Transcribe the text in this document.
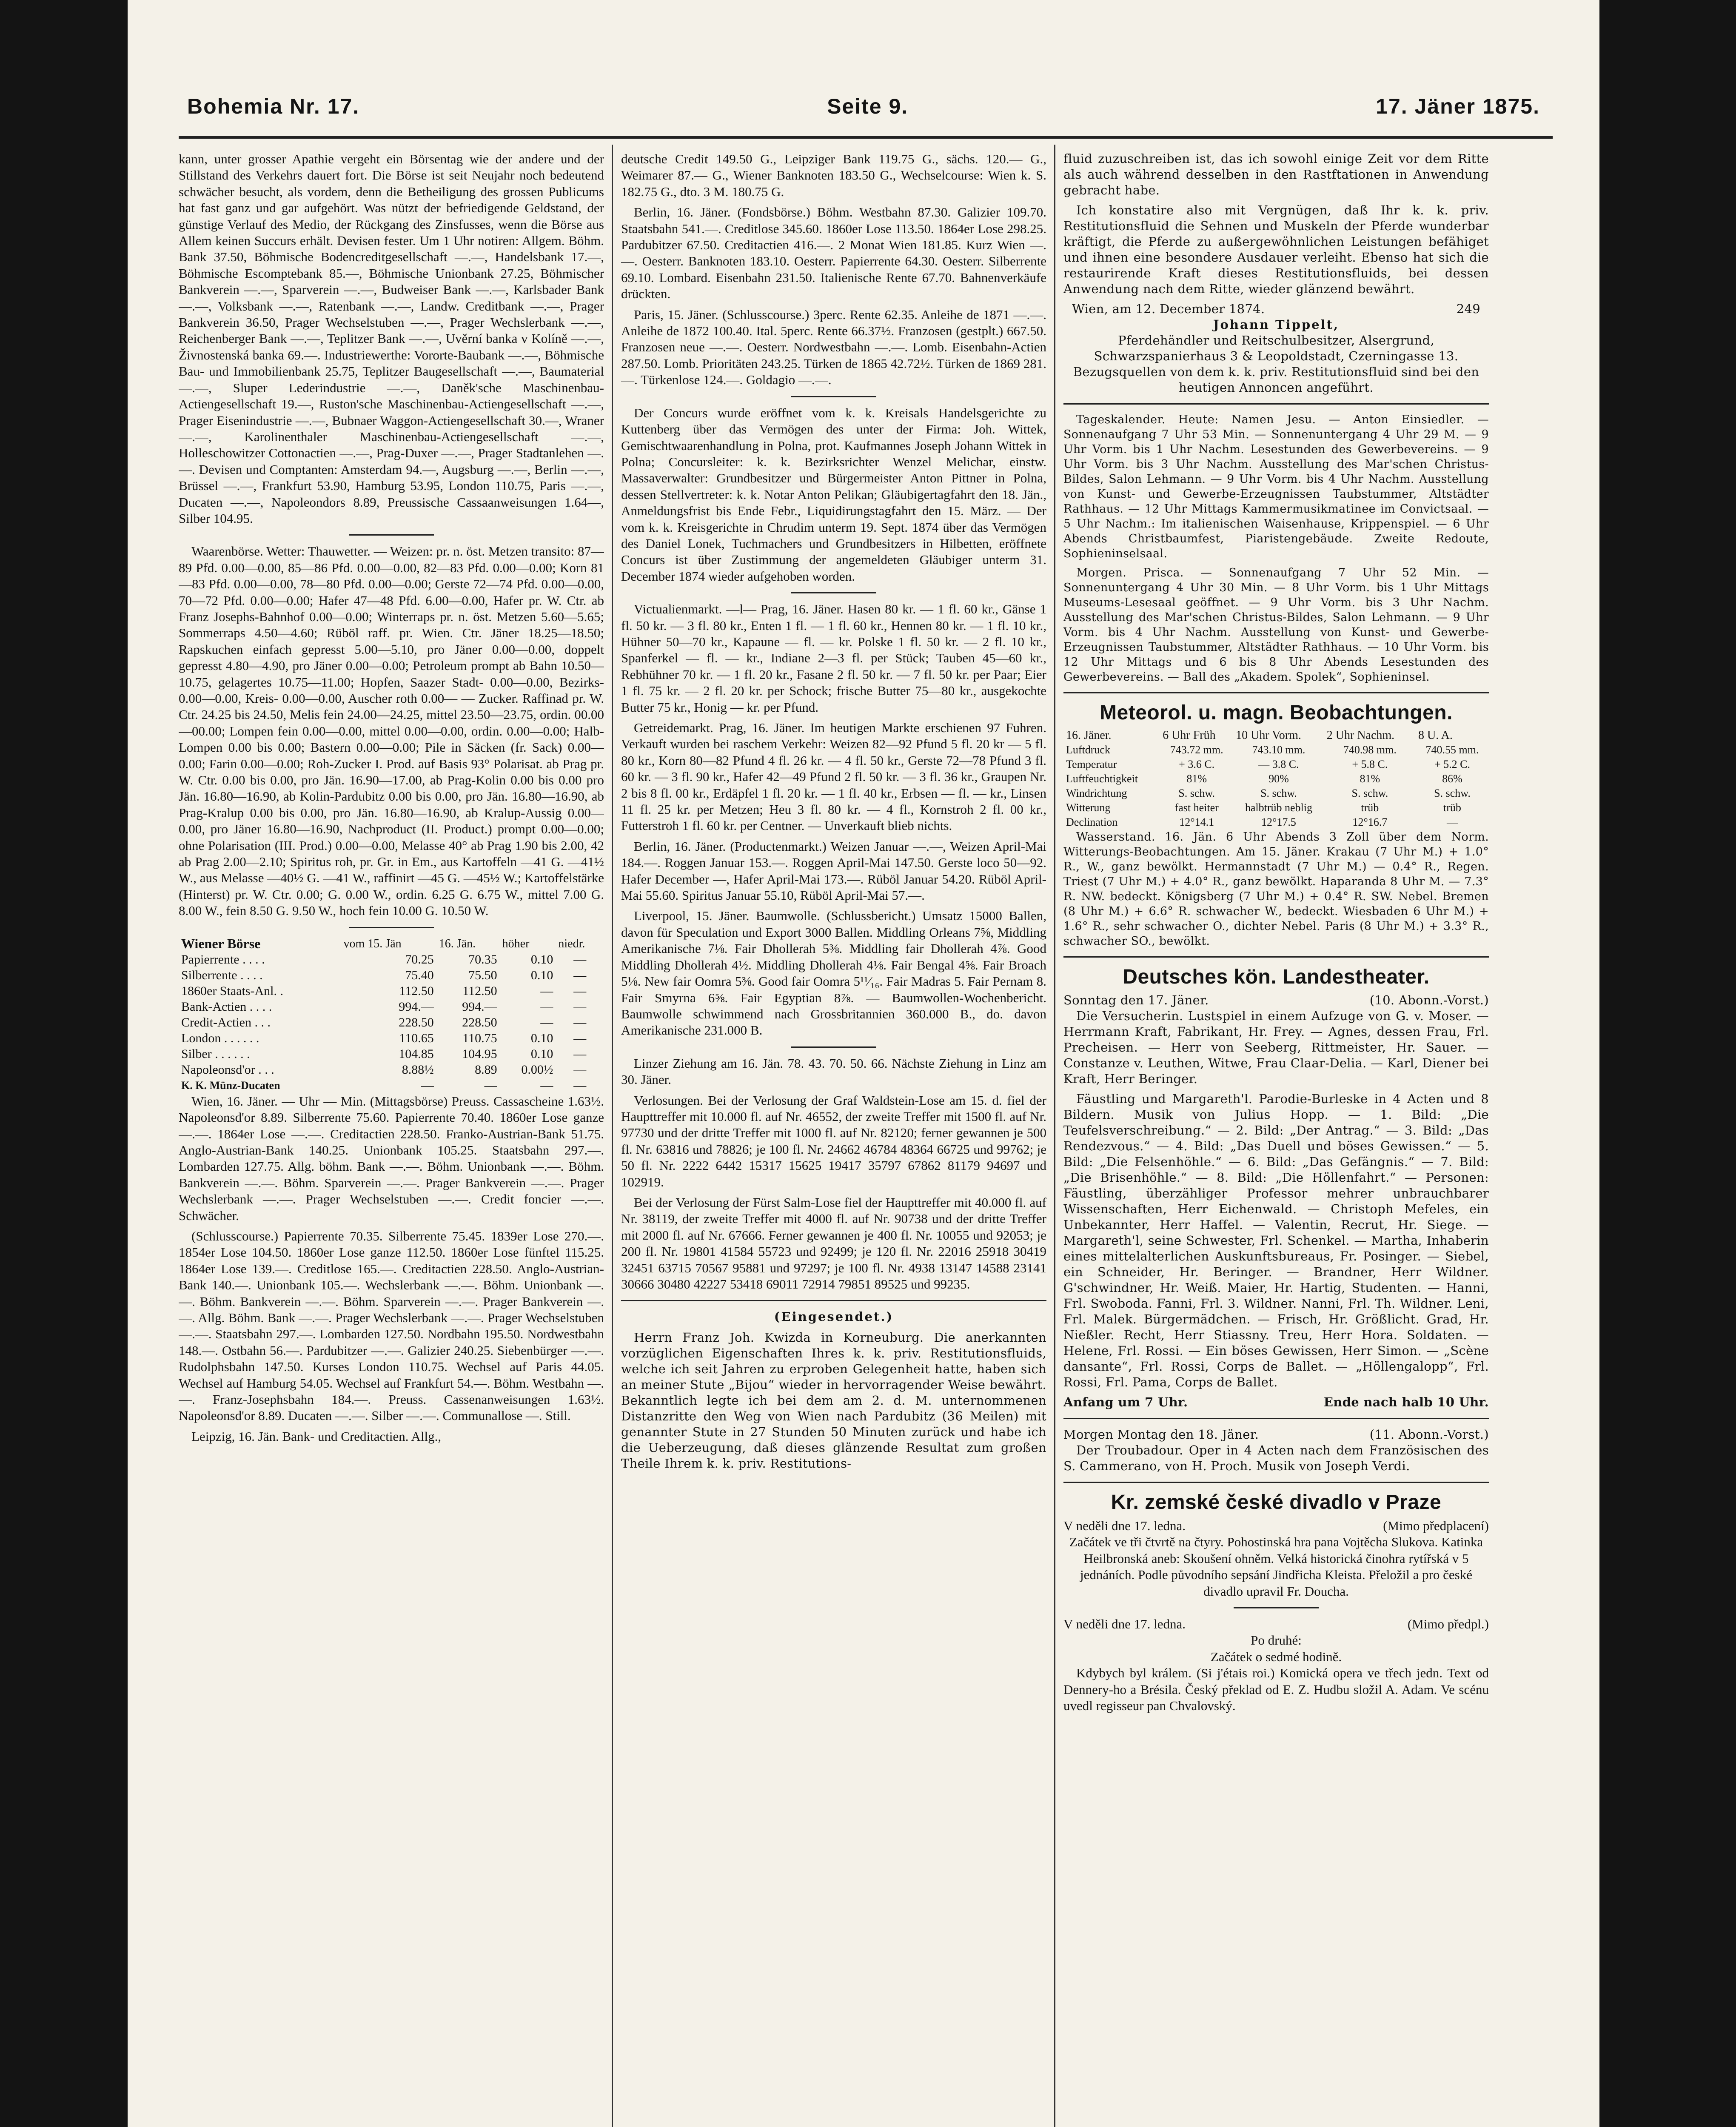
Bohemia Nr. 17.	Seite 9.	17. Jäner 1875.

kann, unter grosser Apathie vergeht ein Börsentag wie der andere und der Stillstand des Verkehrs dauert fort. Die Börse ist seit Neujahr noch bedeutend schwächer besucht, als vordem, denn die Betheiligung des grossen Publicums hat fast ganz und gar aufgehört. Was nützt der befriedigende Geldstand, der günstige Verlauf des Medio, der Rückgang des Zinsfusses, wenn die Börse aus Allem keinen Succurs erhält. Devisen fester. Um 1 Uhr notiren: Allgem. Böhm. Bank 37.50, Böhmische Bodencreditgesellschaft —.—, Handelsbank 17.—, Böhmische Escomptebank 85.—, Böhmische Unionbank 27.25, Böhmischer Bankverein —.—, Sparverein —.—, Budweiser Bank —.—, Karlsbader Bank —.—, Volksbank —.—, Ratenbank —.—, Landw. Creditbank —.—, Prager Bankverein 36.50, Prager Wechselstuben —.—, Prager Wechslerbank —.—, Reichenberger Bank —.—, Teplitzer Bank —.—, Uvěrní banka v Kolíně —.—, Živnostenská banka 69.—. Industriewerthe: Vororte-Baubank —.—, Böhmische Bau- und Immobilienbank 25.75, Teplitzer Baugesellschaft —.—, Baumaterial —.—, Sluper Lederindustrie —.—, Daněk'sche Maschinenbau-Actiengesellschaft 19.—, Ruston'sche Maschinenbau-Actiengesellschaft —.—, Prager Eisenindustrie —.—, Bubnaer Waggon-Actiengesellschaft 30.—, Wraner —.—, Karolinenthaler Maschinenbau-Actiengesellschaft —.—, Holleschowitzer Cottonactien —.—, Prag-Duxer —.—, Prager Stadtanlehen —.—. Devisen und Comptanten: Amsterdam 94.—, Augsburg —.—, Berlin —.—, Brüssel —.—, Frankfurt 53.90, Hamburg 53.95, London 110.75, Paris —.—, Ducaten —.—, Napoleondors 8.89, Preussische Cassaanweisungen 1.64—, Silber 104.95.

Waarenbörse. Wetter: Thauwetter. — Weizen: pr. n. öst. Metzen transito: 87—89 Pfd. 0.00—0.00, 85—86 Pfd. 0.00—0.00, 82—83 Pfd. 0.00—0.00; Korn 81—83 Pfd. 0.00—0.00, 78—80 Pfd. 0.00—0.00; Gerste 72—74 Pfd. 0.00—0.00, 70—72 Pfd. 0.00—0.00; Hafer 47—48 Pfd. 6.00—0.00, Hafer pr. W. Ctr. ab Franz Josephs-Bahnhof 0.00—0.00; Winterraps pr. n. öst. Metzen 5.60—5.65; Sommerraps 4.50—4.60; Rüböl raff. pr. Wien. Ctr. Jäner 18.25—18.50; Rapskuchen einfach gepresst 5.00—5.10, pro Jäner 0.00—0.00, doppelt gepresst 4.80—4.90, pro Jäner 0.00—0.00; Petroleum prompt ab Bahn 10.50—10.75, gelagertes 10.75—11.00; Hopfen, Saazer Stadt- 0.00—0.00, Bezirks- 0.00—0.00, Kreis- 0.00—0.00, Auscher roth 0.00— — Zucker. Raffinad pr. W. Ctr. 24.25 bis 24.50, Melis fein 24.00—24.25, mittel 23.50—23.75, ordin. 00.00—00.00; Lompen fein 0.00—0.00, mittel 0.00—0.00, ordin. 0.00—0.00; Halb-Lompen 0.00 bis 0.00; Bastern 0.00—0.00; Pile in Säcken (fr. Sack) 0.00—0.00; Farin 0.00—0.00; Roh-Zucker I. Prod. auf Basis 93° Polarisat. ab Prag pr. W. Ctr. 0.00 bis 0.00, pro Jän. 16.90—17.00, ab Prag-Kolin 0.00 bis 0.00 pro Jän. 16.80—16.90, ab Kolin-Pardubitz 0.00 bis 0.00, pro Jän. 16.80—16.90, ab Prag-Kralup 0.00 bis 0.00, pro Jän. 16.80—16.90, ab Kralup-Aussig 0.00—0.00, pro Jäner 16.80—16.90, Nachproduct (II. Product.) prompt 0.00—0.00; ohne Polarisation (III. Prod.) 0.00—0.00, Melasse 40° ab Prag 1.90 bis 2.00, 42 ab Prag 2.00—2.10; Spiritus roh, pr. Gr. in Em., aus Kartoffeln —41 G. —41½ W., aus Melasse —40½ G. —41 W., raffinirt —45 G. —45½ W.; Kartoffelstärke (Hinterst) pr. W. Ctr. 0.00; G. 0.00 W., ordin. 6.25 G. 6.75 W., mittel 7.00 G. 8.00 W., fein 8.50 G. 9.50 W., hoch fein 10.00 G. 10.50 W.

Wiener Börse	vom 15. Jän	16. Jän.	höher	niedr.
Papierrente . . . .	70.25	70.35	0.10	—
Silberrente . . . .	75.40	75.50	0.10	—
1860er Staats-Anl. .	112.50	112.50	—	—
Bank-Actien . . . .	994.—	994.—	—	—
Credit-Actien . . .	228.50	228.50	—	—
London . . . . . .	110.65	110.75	0.10	—
Silber . . . . . .	104.85	104.95	0.10	—
Napoleonsd'or . . .	8.88½	8.89	0.00½	—
K. K. Münz-Ducaten	—	—	—	—

Wien, 16. Jäner. — Uhr — Min. (Mittagsbörse) Preuss. Cassascheine 1.63½. Napoleonsd'or 8.89. Silberrente 75.60. Papierrente 70.40. 1860er Lose ganze —.—. 1864er Lose —.—. Creditactien 228.50. Franko-Austrian-Bank 51.75. Anglo-Austrian-Bank 140.25. Unionbank 105.25. Staatsbahn 297.—. Lombarden 127.75. Allg. böhm. Bank —.—. Böhm. Unionbank —.—. Böhm. Bankverein —.—. Böhm. Sparverein —.—. Prager Bankverein —.—. Prager Wechslerbank —.—. Prager Wechselstuben —.—. Credit foncier —.—. Schwächer.

(Schlusscourse.) Papierrente 70.35. Silberrente 75.45. 1839er Lose 270.—. 1854er Lose 104.50. 1860er Lose ganze 112.50. 1860er Lose fünftel 115.25. 1864er Lose 139.—. Creditlose 165.—. Creditactien 228.50. Anglo-Austrian-Bank 140.—. Unionbank 105.—. Wechslerbank —.—. Böhm. Unionbank —.—. Böhm. Bankverein —.—. Böhm. Sparverein —.—. Prager Bankverein —.—. Allg. Böhm. Bank —.—. Prager Wechslerbank —.—. Prager Wechselstuben —.—. Staatsbahn 297.—. Lombarden 127.50. Nordbahn 195.50. Nordwestbahn 148.—. Ostbahn 56.—. Pardubitzer —.—. Galizier 240.25. Siebenbürger —.—. Rudolphsbahn 147.50. Kurses London 110.75. Wechsel auf Paris 44.05. Wechsel auf Hamburg 54.05. Wechsel auf Frankfurt 54.—. Böhm. Westbahn —.—. Franz-Josephsbahn 184.—. Preuss. Cassenanweisungen 1.63½. Napoleonsd'or 8.89. Ducaten —.—. Silber —.—. Communallose —. Still.

Leipzig, 16. Jän. Bank- und Creditactien. Allg.,

deutsche Credit 149.50 G., Leipziger Bank 119.75 G., sächs. 120.— G., Weimarer 87.— G., Wiener Banknoten 183.50 G., Wechselcourse: Wien k. S. 182.75 G., dto. 3 M. 180.75 G.

Berlin, 16. Jäner. (Fondsbörse.) Böhm. Westbahn 87.30. Galizier 109.70. Staatsbahn 541.—. Creditlose 345.60. 1860er Lose 113.50. 1864er Lose 298.25. Pardubitzer 67.50. Creditactien 416.—. 2 Monat Wien 181.85. Kurz Wien —.—. Oesterr. Banknoten 183.10. Oesterr. Papierrente 64.30. Oesterr. Silberrente 69.10. Lombard. Eisenbahn 231.50. Italienische Rente 67.70. Bahnenverkäufe drückten.

Paris, 15. Jäner. (Schlusscourse.) 3perc. Rente 62.35. Anleihe de 1871 —.—. Anleihe de 1872 100.40. Ital. 5perc. Rente 66.37½. Franzosen (gestplt.) 667.50. Franzosen neue —.—. Oesterr. Nordwestbahn —.—. Lomb. Eisenbahn-Actien 287.50. Lomb. Prioritäten 243.25. Türken de 1865 42.72½. Türken de 1869 281.—. Türkenlose 124.—. Goldagio —.—.

Der Concurs wurde eröffnet vom k. k. Kreisals Handelsgerichte zu Kuttenberg über das Vermögen des unter der Firma: Joh. Wittek, Gemischtwaarenhandlung in Polna, prot. Kaufmannes Joseph Johann Wittek in Polna; Concursleiter: k. k. Bezirksrichter Wenzel Melichar, einstw. Massaverwalter: Grundbesitzer und Bürgermeister Anton Pittner in Polna, dessen Stellvertreter: k. k. Notar Anton Pelikan; Gläubigertagfahrt den 18. Jän., Anmeldungsfrist bis Ende Febr., Liquidirungstagfahrt den 15. März. — Der vom k. k. Kreisgerichte in Chrudim unterm 19. Sept. 1874 über das Vermögen des Daniel Lonek, Tuchmachers und Grundbesitzers in Hilbetten, eröffnete Concurs ist über Zustimmung der angemeldeten Gläubiger unterm 31. December 1874 wieder aufgehoben worden.

Victualienmarkt. —l— Prag, 16. Jäner. Hasen 80 kr. — 1 fl. 60 kr., Gänse 1 fl. 50 kr. — 3 fl. 80 kr., Enten 1 fl. — 1 fl. 60 kr., Hennen 80 kr. — 1 fl. 10 kr., Hühner 50—70 kr., Kapaune — fl. — kr. Polske 1 fl. 50 kr. — 2 fl. 10 kr., Spanferkel — fl. — kr., Indiane 2—3 fl. per Stück; Tauben 45—60 kr., Rebhühner 70 kr. — 1 fl. 20 kr., Fasane 2 fl. 50 kr. — 7 fl. 50 kr. per Paar; Eier 1 fl. 75 kr. — 2 fl. 20 kr. per Schock; frische Butter 75—80 kr., ausgekochte Butter 75 kr., Honig — kr. per Pfund.

Getreidemarkt. Prag, 16. Jäner. Im heutigen Markte erschienen 97 Fuhren. Verkauft wurden bei raschem Verkehr: Weizen 82—92 Pfund 5 fl. 20 kr — 5 fl. 80 kr., Korn 80—82 Pfund 4 fl. 26 kr. — 4 fl. 50 kr., Gerste 72—78 Pfund 3 fl. 60 kr. — 3 fl. 90 kr., Hafer 42—49 Pfund 2 fl. 50 kr. — 3 fl. 36 kr., Graupen Nr. 2 bis 8 fl. 00 kr., Erdäpfel 1 fl. 20 kr. — 1 fl. 40 kr., Erbsen — fl. — kr., Linsen 11 fl. 25 kr. per Metzen; Heu 3 fl. 80 kr. — 4 fl., Kornstroh 2 fl. 00 kr., Futterstroh 1 fl. 60 kr. per Centner. — Unverkauft blieb nichts.

Berlin, 16. Jäner. (Productenmarkt.) Weizen Januar —.—, Weizen April-Mai 184.—. Roggen Januar 153.—. Roggen April-Mai 147.50. Gerste loco 50—92. Hafer December —, Hafer April-Mai 173.—. Rüböl Januar 54.20. Rüböl April-Mai 55.60. Spiritus Januar 55.10, Rüböl April-Mai 57.—.

Liverpool, 15. Jäner. Baumwolle. (Schlussbericht.) Umsatz 15000 Ballen, davon für Speculation und Export 3000 Ballen. Middling Orleans 7⅝, Middling Amerikanische 7⅛. Fair Dhollerah 5⅜. Middling fair Dhollerah 4⅞. Good Middling Dhollerah 4½. Middling Dhollerah 4⅛. Fair Bengal 4⅝. Fair Broach 5⅛. New fair Oomra 5⅜. Good fair Oomra 5¹¹⁄₁₆. Fair Madras 5. Fair Pernam 8. Fair Smyrna 6⅝. Fair Egyptian 8⅞. — Baumwollen-Wochenbericht. Baumwolle schwimmend nach Grossbritannien 360.000 B., do. davon Amerikanische 231.000 B.

Linzer Ziehung am 16. Jän. 78. 43. 70. 50. 66. Nächste Ziehung in Linz am 30. Jäner.

Verlosungen. Bei der Verlosung der Graf Waldstein-Lose am 15. d. fiel der Haupttreffer mit 10.000 fl. auf Nr. 46552, der zweite Treffer mit 1500 fl. auf Nr. 97730 und der dritte Treffer mit 1000 fl. auf Nr. 82120; ferner gewannen je 500 fl. Nr. 63816 und 78826; je 100 fl. Nr. 24662 46784 48364 66725 und 99762; je 50 fl. Nr. 2222 6442 15317 15625 19417 35797 67862 81179 94697 und 102919.

Bei der Verlosung der Fürst Salm-Lose fiel der Haupttreffer mit 40.000 fl. auf Nr. 38119, der zweite Treffer mit 4000 fl. auf Nr. 90738 und der dritte Treffer mit 2000 fl. auf Nr. 67666. Ferner gewannen je 400 fl. Nr. 10055 und 92053; je 200 fl. Nr. 19801 41584 55723 und 92499; je 120 fl. Nr. 22016 25918 30419 32451 63715 70567 95881 und 97297; je 100 fl. Nr. 4938 13147 14588 23141 30666 30480 42227 53418 69011 72914 79851 89525 und 99235.

(Eingesendet.)

Herrn Franz Joh. Kwizda in Korneuburg. Die anerkannten vorzüglichen Eigenschaften Ihres k. k. priv. Restitutionsfluids, welche ich seit Jahren zu erproben Gelegenheit hatte, haben sich an meiner Stute „Bijou“ wieder in hervorragender Weise bewährt. Bekanntlich legte ich bei dem am 2. d. M. unternommenen Distanzritte den Weg von Wien nach Pardubitz (36 Meilen) mit genannter Stute in 27 Stunden 50 Minuten zurück und habe ich die Ueberzeugung, daß dieses glänzende Resultat zum großen Theile Ihrem k. k. priv. Restitutions-

fluid zuzuschreiben ist, das ich sowohl einige Zeit vor dem Ritte als auch während desselben in den Rastftationen in Anwendung gebracht habe.

Ich konstatire also mit Vergnügen, daß Ihr k. k. priv. Restitutionsfluid die Sehnen und Muskeln der Pferde wunderbar kräftigt, die Pferde zu außergewöhnlichen Leistungen befähiget und ihnen eine besondere Ausdauer verleiht. Ebenso hat sich die restaurirende Kraft dieses Restitutionsfluids, bei dessen Anwendung nach dem Ritte, wieder glänzend bewährt.

Wien, am 12. December 1874.	249
Johann Tippelt,
Pferdehändler und Reitschulbesitzer, Alsergrund, Schwarzspanierhaus 3 & Leopoldstadt, Czerningasse 13.

Bezugsquellen von dem k. k. priv. Restitutionsfluid sind bei den heutigen Annoncen angeführt.

Tageskalender. Heute: Namen Jesu. — Anton Einsiedler. — Sonnenaufgang 7 Uhr 53 Min. — Sonnenuntergang 4 Uhr 29 M. — 9 Uhr Vorm. bis 1 Uhr Nachm. Lesestunden des Gewerbevereins. — 9 Uhr Vorm. bis 3 Uhr Nachm. Ausstellung des Mar'schen Christus-Bildes, Salon Lehmann. — 9 Uhr Vorm. bis 4 Uhr Nachm. Ausstellung von Kunst- und Gewerbe-Erzeugnissen Taubstummer, Altstädter Rathhaus. — 12 Uhr Mittags Kammermusikmatinee im Convictsaal. — 5 Uhr Nachm.: Im italienischen Waisenhause, Krippenspiel. — 6 Uhr Abends Christbaumfest, Piaristengebäude. Zweite Redoute, Sophieninselsaal.

Morgen. Prisca. — Sonnenaufgang 7 Uhr 52 Min. — Sonnenuntergang 4 Uhr 30 Min. — 8 Uhr Vorm. bis 1 Uhr Mittags Museums-Lesesaal geöffnet. — 9 Uhr Vorm. bis 3 Uhr Nachm. Ausstellung des Mar'schen Christus-Bildes, Salon Lehmann. — 9 Uhr Vorm. bis 4 Uhr Nachm. Ausstellung von Kunst- und Gewerbe-Erzeugnissen Taubstummer, Altstädter Rathhaus. — 10 Uhr Vorm. bis 12 Uhr Mittags und 6 bis 8 Uhr Abends Lesestunden des Gewerbevereins. — Ball des „Akadem. Spolek“, Sophieninsel.

Meteorol. u. magn. Beobachtungen.
16. Jäner.	6 Uhr Früh	10 Uhr Vorm.	2 Uhr Nachm.	8 U. A.
Luftdruck	743.72 mm.	743.10 mm.	740.98 mm.	740.55 mm.
Temperatur	+ 3.6 C.	— 3.8 C.	+ 5.8 C.	+ 5.2 C.
Luftfeuchtigkeit	81%	90%	81%	86%
Windrichtung	S. schw.	S. schw.	S. schw.	S. schw.
Witterung	fast heiter	halbtrüb neblig	trüb	trüb
Declination	12°14.1	12°17.5	12°16.7	—

Wasserstand. 16. Jän. 6 Uhr Abends 3 Zoll über dem Norm. Witterungs-Beobachtungen. Am 15. Jäner. Krakau (7 Uhr M.) + 1.0° R., W., ganz bewölkt. Hermannstadt (7 Uhr M.) — 0.4° R., Regen. Triest (7 Uhr M.) + 4.0° R., ganz bewölkt. Haparanda 8 Uhr M. — 7.3° R. NW. bedeckt. Königsberg (7 Uhr M.) + 0.4° R. SW. Nebel. Bremen (8 Uhr M.) + 6.6° R. schwacher W., bedeckt. Wiesbaden 6 Uhr M.) + 1.6° R., sehr schwacher O., dichter Nebel. Paris (8 Uhr M.) + 3.3° R., schwacher SO., bewölkt.

Deutsches kön. Landestheater.
Sonntag den 17. Jäner.	(10. Abonn.-Vorst.)

Die Versucherin. Lustspiel in einem Aufzuge von G. v. Moser. — Herrmann Kraft, Fabrikant, Hr. Frey. — Agnes, dessen Frau, Frl. Precheisen. — Herr von Seeberg, Rittmeister, Hr. Sauer. — Constanze v. Leuthen, Witwe, Frau Claar-Delia. — Karl, Diener bei Kraft, Herr Beringer.

Fäustling und Margareth'l. Parodie-Burleske in 4 Acten und 8 Bildern. Musik von Julius Hopp. — 1. Bild: „Die Teufelsverschreibung.“ — 2. Bild: „Der Antrag.“ — 3. Bild: „Das Rendezvous.“ — 4. Bild: „Das Duell und böses Gewissen.“ — 5. Bild: „Die Felsenhöhle.“ — 6. Bild: „Das Gefängnis.“ — 7. Bild: „Die Brisenhöhle.“ — 8. Bild: „Die Höllenfahrt.“ — Personen: Fäustling, überzähliger Professor mehrer unbrauchbarer Wissenschaften, Herr Eichenwald. — Christoph Mefeles, ein Unbekannter, Herr Haffel. — Valentin, Recrut, Hr. Siege. — Margareth'l, seine Schwester, Frl. Schenkel. — Martha, Inhaberin eines mittelalterlichen Auskunftsbureaus, Fr. Posinger. — Siebel, ein Schneider, Hr. Beringer. — Brandner, Herr Wildner. G'schwindner, Hr. Weiß. Maier, Hr. Hartig, Studenten. — Hanni, Frl. Swoboda. Fanni, Frl. 3. Wildner. Nanni, Frl. Th. Wildner. Leni, Frl. Malek. Bürgermädchen. — Frisch, Hr. Größlicht. Grad, Hr. Nießler. Recht, Herr Stiassny. Treu, Herr Hora. Soldaten. — Helene, Frl. Rossi. — Ein böses Gewissen, Herr Simon. — „Scène dansante“, Frl. Rossi, Corps de Ballet. — „Höllengalopp“, Frl. Rossi, Frl. Pama, Corps de Ballet.

Anfang um 7 Uhr.	Ende nach halb 10 Uhr.
Morgen Montag den 18. Jäner.	(11. Abonn.-Vorst.)

Der Troubadour. Oper in 4 Acten nach dem Französischen des S. Cammerano, von H. Proch. Musik von Joseph Verdi.

Kr. zemské české divadlo v Praze
V neděli dne 17. ledna.	(Mimo předplacení)

Začátek ve tři čtvrtě na čtyry. Pohostinská hra pana Vojtěcha Slukova. Katinka Heilbronská aneb: Skoušení ohněm. Velká historická činohra rytířská v 5 jednáních. Podle původního sepsání Jindřicha Kleista. Přeložil a pro české divadlo upravil Fr. Doucha.

V neděli dne 17. ledna.	(Mimo předpl.)
Po druhé:
Začátek o sedmé hodině.

Kdybych byl králem. (Si j'étais roi.) Komická opera ve třech jedn. Text od Dennery-ho a Brésila. Český překlad od E. Z. Hudbu složil A. Adam. Ve scénu uvedl regisseur pan Chvalovský.
